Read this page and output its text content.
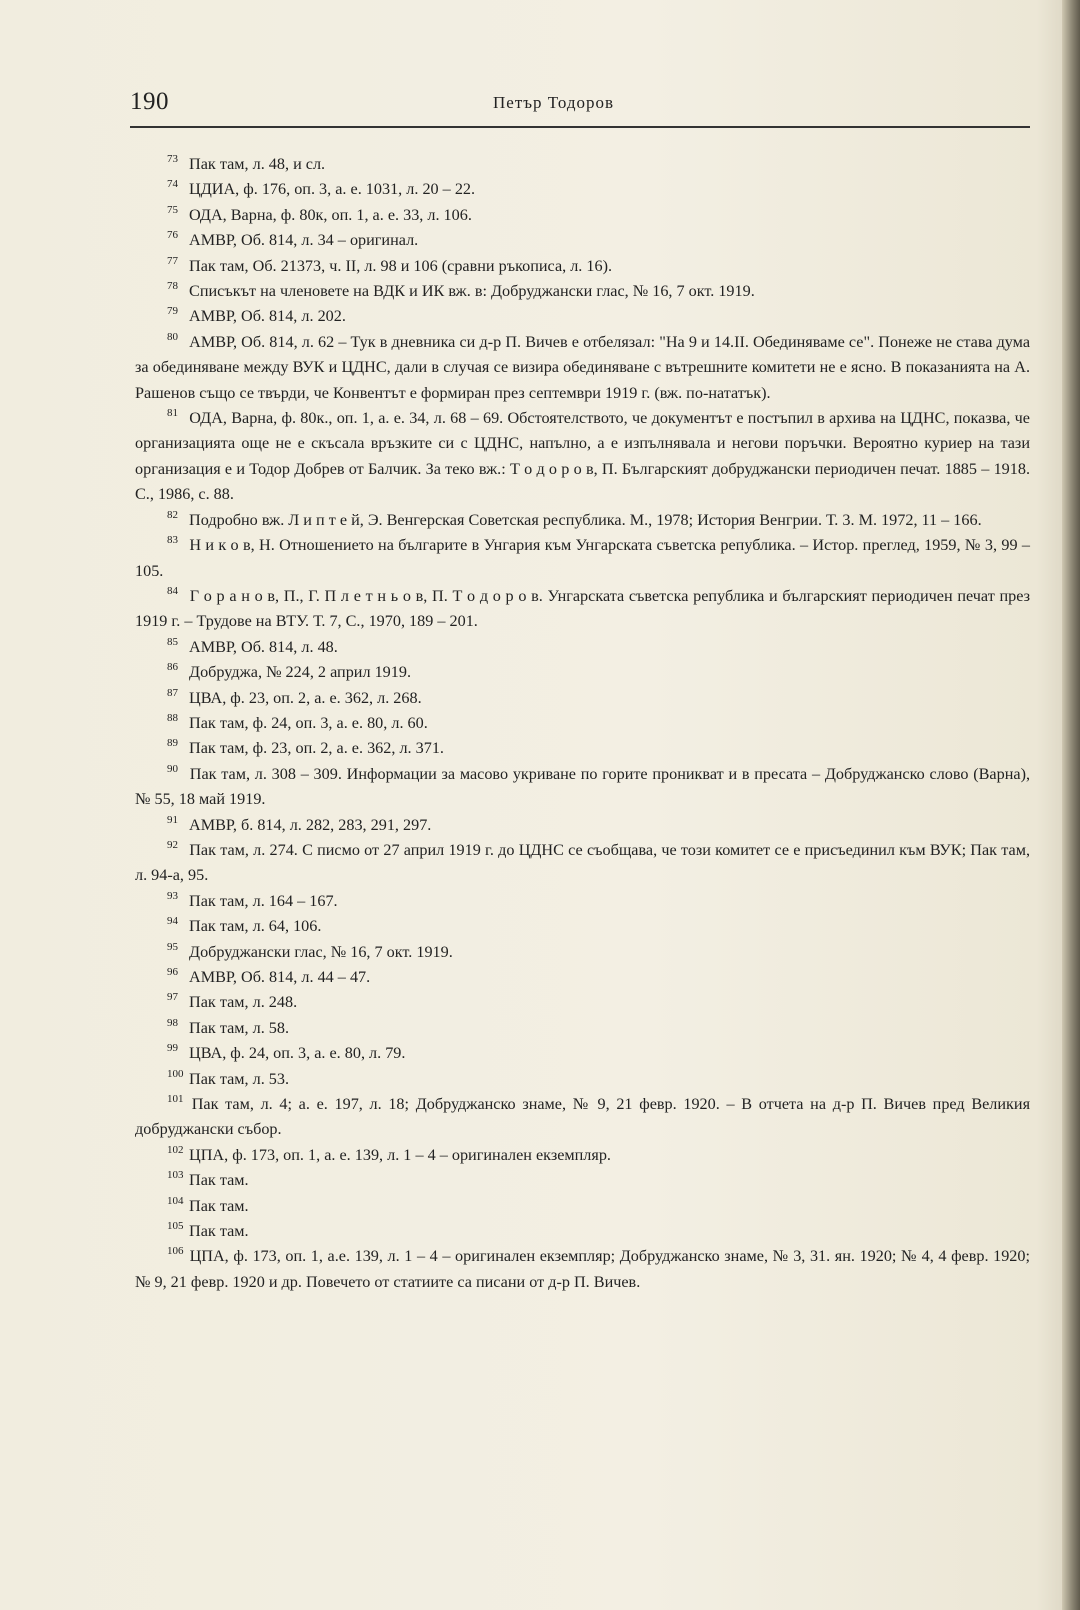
190	Петър Тодоров

$^{73}$ Пак там, л. 48, и сл.

$^{74}$ ЦДИА, ф. 176, оп. 3, а. е. 1031, л. 20 – 22.

$^{75}$ ОДА, Варна, ф. 80к, оп. 1, а. е. 33, л. 106.

$^{76}$ АМВР, Об. 814, л. 34 – оригинал.

$^{77}$ Пак там, Об. 21373, ч. II, л. 98 и 106 (сравни ръкописа, л. 16).

$^{78}$ Списъкът на членовете на ВДК и ИК вж. в: Добруджански глас, № 16, 7 окт. 1919.

$^{79}$ АМВР, Об. 814, л. 202.

$^{80}$ АМВР, Об. 814, л. 62 – Тук в дневника си д-р П. Вичев е отбелязал: "На 9 и 14.II. Обединяваме се". Понеже не става дума за обединяване между ВУК и ЦДНС, дали в случая се визира обединяване с вътрешните комитети не е ясно. В показанията на А. Рашенов също се твърди, че Конвентът е формиран през септември 1919 г. (вж. по-нататък).

$^{81}$ ОДА, Варна, ф. 80к., оп. 1, а. е. 34, л. 68 – 69. Обстоятелството, че документът е постъпил в архива на ЦДНС, показва, че организацията още не е скъсала връзките си с ЦДНС, напълно, а е изпълнявала и негови поръчки. Вероятно куриер на тази организация е и Тодор Добрев от Балчик. За теко вж.: Т о д о р о в, П. Българският добруджански периодичен печат. 1885 – 1918. С., 1986, с. 88.

$^{82}$ Подробно вж. Л и п т е й, Э. Венгерская Советская республика. М., 1978; История Венгрии. Т. 3. М. 1972, 11 – 166.

$^{83}$ Н и к о в, Н. Отношението на българите в Унгария към Унгарската съветска република. – Истор. преглед, 1959, № 3, 99 – 105.

$^{84}$ Г о р а н о в, П., Г. П л е т н ь о в, П. Т о д о р о в. Унгарската съветска република и българският периодичен печат през 1919 г. – Трудове на ВТУ. Т. 7, С., 1970, 189 – 201.

$^{85}$ АМВР, Об. 814, л. 48.

$^{86}$ Добруджа, № 224, 2 април 1919.

$^{87}$ ЦВА, ф. 23, оп. 2, а. е. 362, л. 268.

$^{88}$ Пак там, ф. 24, оп. 3, а. е. 80, л. 60.

$^{89}$ Пак там, ф. 23, оп. 2, а. е. 362, л. 371.

$^{90}$ Пак там, л. 308 – 309. Информации за масово укриване по горите проникват и в пресата – Добруджанско слово (Варна), № 55, 18 май 1919.

$^{91}$ АМВР, б. 814, л. 282, 283, 291, 297.

$^{92}$ Пак там, л. 274. С писмо от 27 април 1919 г. до ЦДНС се съобщава, че този комитет се е присъединил към ВУК; Пак там, л. 94-а, 95.

$^{93}$ Пак там, л. 164 – 167.

$^{94}$ Пак там, л. 64, 106.

$^{95}$ Добруджански глас, № 16, 7 окт. 1919.

$^{96}$ АМВР, Об. 814, л. 44 – 47.

$^{97}$ Пак там, л. 248.

$^{98}$ Пак там, л. 58.

$^{99}$ ЦВА, ф. 24, оп. 3, а. е. 80, л. 79.

$^{100}$ Пак там, л. 53.

$^{101}$ Пак там, л. 4; а. е. 197, л. 18; Добруджанско знаме, № 9, 21 февр. 1920. – В отчета на д-р П. Вичев пред Великия добруджански събор.

$^{102}$ ЦПА, ф. 173, оп. 1, а. е. 139, л. 1 – 4 – оригинален екземпляр.

$^{103}$ Пак там.

$^{104}$ Пак там.

$^{105}$ Пак там.

$^{106}$ ЦПА, ф. 173, оп. 1, а.е. 139, л. 1 – 4 – оригинален екземпляр; Добруджанско знаме, № 3, 31. ян. 1920; № 4, 4 февр. 1920; № 9, 21 февр. 1920 и др. Повечето от статиите са писани от д-р П. Вичев.
